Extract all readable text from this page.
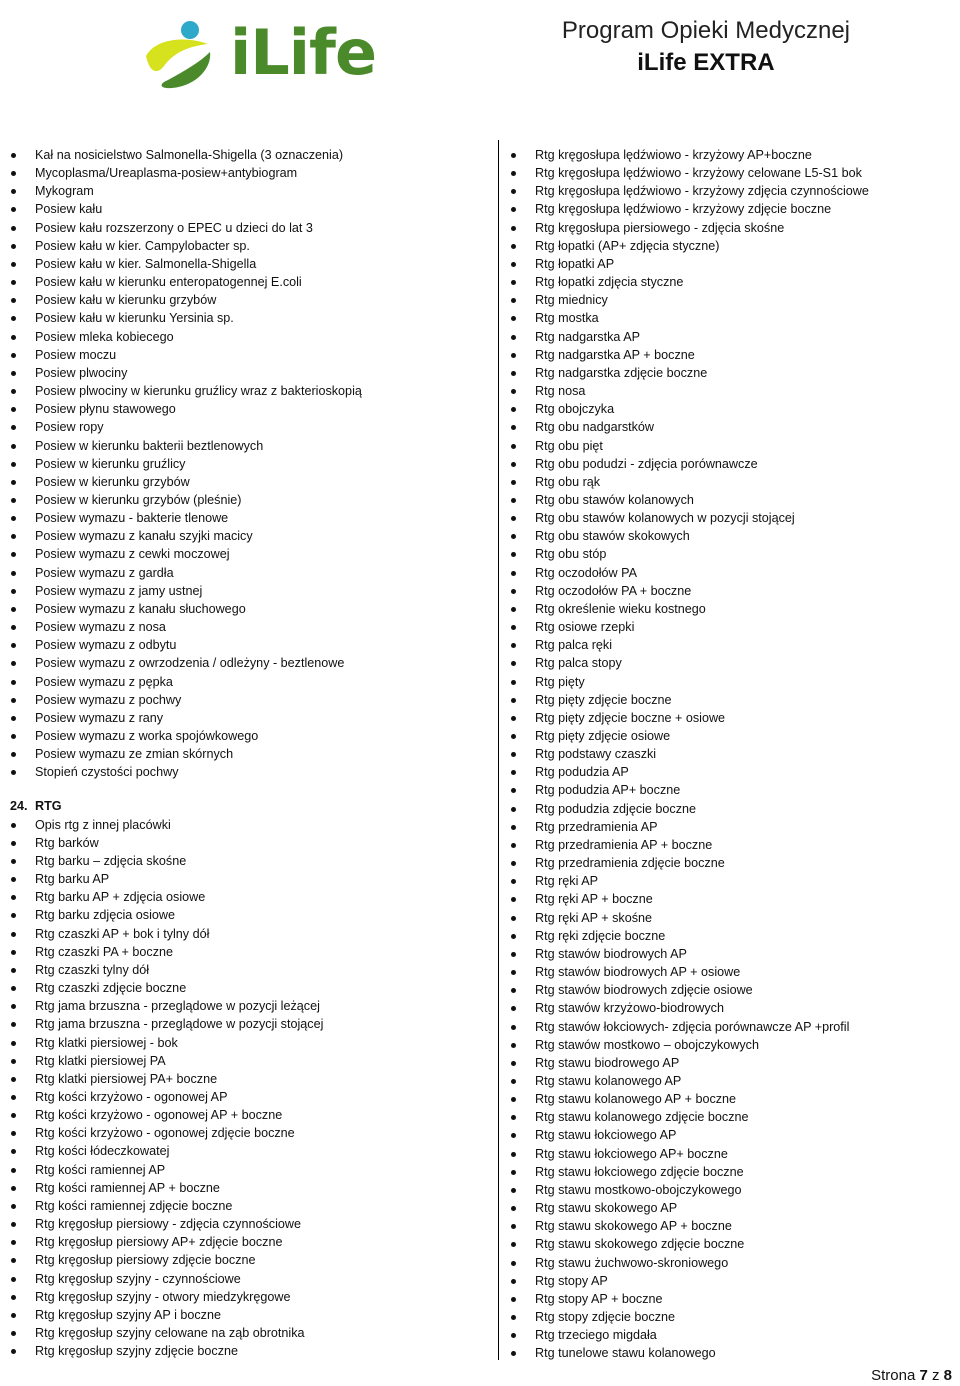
iLife	Program Opieki Medycznej
iLife EXTRA
Kał na nosicielstwo Salmonella-Shigella (3 oznaczenia)
Mycoplasma/Ureaplasma-posiew+antybiogram
Mykogram
Posiew kału
Posiew kału rozszerzony o EPEC u dzieci do lat 3
Posiew kału w kier. Campylobacter sp.
Posiew kału w kier. Salmonella-Shigella
Posiew kału w kierunku enteropatogennej E.coli
Posiew kału w kierunku grzybów
Posiew kału w kierunku Yersinia sp.
Posiew mleka kobiecego
Posiew moczu
Posiew plwociny
Posiew plwociny w kierunku gruźlicy wraz z bakterioskopią
Posiew płynu stawowego
Posiew ropy
Posiew w kierunku bakterii beztlenowych
Posiew w kierunku gruźlicy
Posiew w kierunku grzybów
Posiew w kierunku grzybów (pleśnie)
Posiew wymazu - bakterie tlenowe
Posiew wymazu z kanału szyjki macicy
Posiew wymazu z cewki moczowej
Posiew wymazu z gardła
Posiew wymazu z jamy ustnej
Posiew wymazu z kanału słuchowego
Posiew wymazu z nosa
Posiew wymazu z odbytu
Posiew wymazu z owrzodzenia / odleżyny - beztlenowe
Posiew wymazu z pępka
Posiew wymazu z pochwy
Posiew wymazu z rany
Posiew wymazu z worka spojówkowego
Posiew wymazu ze zmian skórnych
Stopień czystości pochwy
24. RTG
Opis rtg z innej placówki
Rtg barków
Rtg barku – zdjęcia skośne
Rtg barku AP
Rtg barku AP + zdjęcia osiowe
Rtg barku zdjęcia osiowe
Rtg czaszki AP + bok i tylny dół
Rtg czaszki PA + boczne
Rtg czaszki tylny dół
Rtg czaszki zdjęcie boczne
Rtg jama brzuszna - przeglądowe w pozycji leżącej
Rtg jama brzuszna - przeglądowe w pozycji stojącej
Rtg klatki piersiowej - bok
Rtg klatki piersiowej PA
Rtg klatki piersiowej PA+ boczne
Rtg kości krzyżowo - ogonowej AP
Rtg kości krzyżowo - ogonowej AP + boczne
Rtg kości krzyżowo - ogonowej zdjęcie boczne
Rtg kości łódeczkowatej
Rtg kości ramiennej AP
Rtg kości ramiennej AP + boczne
Rtg kości ramiennej zdjęcie boczne
Rtg kręgosłup piersiowy - zdjęcia czynnościowe
Rtg kręgosłup piersiowy AP+ zdjęcie boczne
Rtg kręgosłup piersiowy zdjęcie boczne
Rtg kręgosłup szyjny - czynnościowe
Rtg kręgosłup szyjny - otwory miedzykręgowe
Rtg kręgosłup szyjny AP i boczne
Rtg kręgosłup szyjny celowane na ząb obrotnika
Rtg kręgosłup szyjny zdjęcie boczne
Rtg kręgosłupa lędźwiowo - krzyżowy AP+boczne
Rtg kręgosłupa lędźwiowo - krzyżowy celowane L5-S1 bok
Rtg kręgosłupa lędźwiowo - krzyżowy zdjęcia czynnościowe
Rtg kręgosłupa lędźwiowo - krzyżowy zdjęcie boczne
Rtg kręgosłupa piersiowego - zdjęcia skośne
Rtg łopatki (AP+ zdjęcia styczne)
Rtg łopatki AP
Rtg łopatki zdjęcia styczne
Rtg miednicy
Rtg mostka
Rtg nadgarstka AP
Rtg nadgarstka AP + boczne
Rtg nadgarstka zdjęcie boczne
Rtg nosa
Rtg obojczyka
Rtg obu nadgarstków
Rtg obu pięt
Rtg obu podudzi - zdjęcia porównawcze
Rtg obu rąk
Rtg obu stawów kolanowych
Rtg obu stawów kolanowych w pozycji stojącej
Rtg obu stawów skokowych
Rtg obu stóp
Rtg oczodołów PA
Rtg oczodołów PA + boczne
Rtg określenie wieku kostnego
Rtg osiowe rzepki
Rtg palca ręki
Rtg palca stopy
Rtg pięty
Rtg pięty zdjęcie boczne
Rtg pięty zdjęcie boczne + osiowe
Rtg pięty zdjęcie osiowe
Rtg podstawy czaszki
Rtg podudzia AP
Rtg podudzia AP+ boczne
Rtg podudzia zdjęcie boczne
Rtg przedramienia AP
Rtg przedramienia AP + boczne
Rtg przedramienia zdjęcie boczne
Rtg ręki AP
Rtg ręki AP + boczne
Rtg ręki AP + skośne
Rtg ręki zdjęcie boczne
Rtg stawów biodrowych AP
Rtg stawów biodrowych AP + osiowe
Rtg stawów biodrowych zdjęcie osiowe
Rtg stawów krzyżowo-biodrowych
Rtg stawów łokciowych- zdjęcia porównawcze AP +profil
Rtg stawów mostkowo – obojczykowych
Rtg stawu biodrowego AP
Rtg stawu kolanowego AP
Rtg stawu kolanowego AP + boczne
Rtg stawu kolanowego zdjęcie boczne
Rtg stawu łokciowego AP
Rtg stawu łokciowego AP+ boczne
Rtg stawu łokciowego zdjęcie boczne
Rtg stawu mostkowo-obojczykowego
Rtg stawu skokowego AP
Rtg stawu skokowego AP + boczne
Rtg stawu skokowego zdjęcie boczne
Rtg stawu żuchwowo-skroniowego
Rtg stopy AP
Rtg stopy AP + boczne
Rtg stopy zdjęcie boczne
Rtg trzeciego migdała
Rtg tunelowe stawu kolanowego
Strona 7 z 8
